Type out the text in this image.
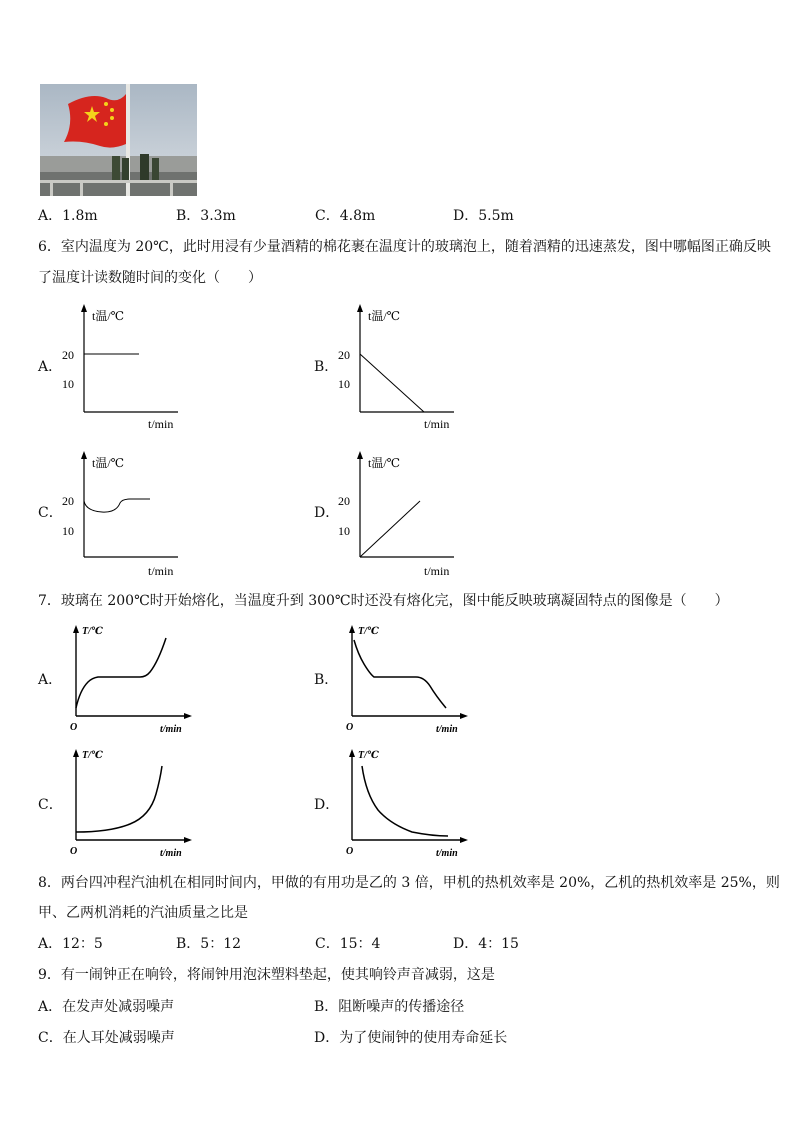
A．1.8m	B．3.3m	C．4.8m	D．5.5m
6．室内温度为 20℃，此时用浸有少量酒精的棉花裹在温度计的玻璃泡上，随着酒精的迅速蒸发，图中哪幅图正确反映
了温度计读数随时间的变化（　　）
A．	B．
C．	D．
t温/℃
t/min
20
10
t温/℃
t/min
20
10
t温/℃
t/min
20
10
t温/℃
t/min
20
10
7．玻璃在 200℃时开始熔化，当温度升到 300℃时还没有熔化完，图中能反映玻璃凝固特点的图像是（　　）
A．	B．
C．	D．
T/℃
t/min
O
T/℃
t/min
O
T/℃
t/min
O
T/℃
t/min
O
8．两台四冲程汽油机在相同时间内，甲做的有用功是乙的 3 倍，甲机的热机效率是 20%，乙机的热机效率是 25%，则
甲、乙两机消耗的汽油质量之比是
A．12：5	B．5：12	C．15：4	D．4：15
9．有一闹钟正在响铃，将闹钟用泡沫塑料垫起，使其响铃声音减弱，这是
A．在发声处减弱噪声	B．阻断噪声的传播途径
C．在人耳处减弱噪声	D．为了使闹钟的使用寿命延长
